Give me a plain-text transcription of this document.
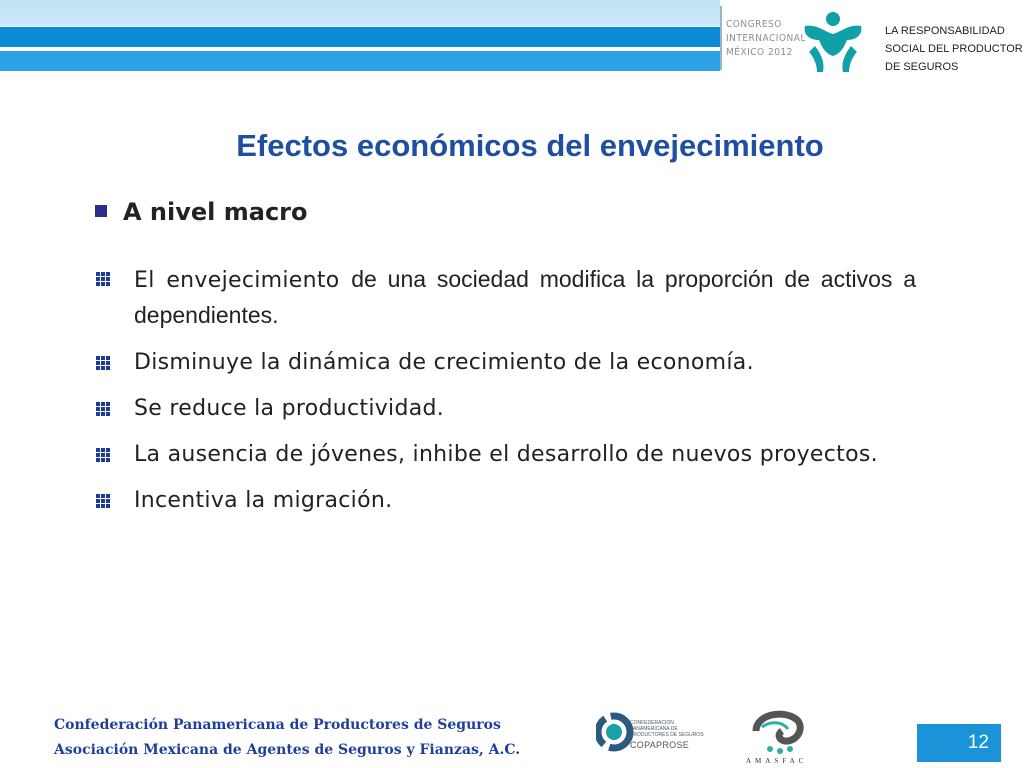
CONGRESO
INTERNACIONAL
MÉXICO 2012
LA RESPONSABILIDAD
SOCIAL DEL PRODUCTOR
DE SEGUROS
Efectos económicos del envejecimiento
A nivel macro
El envejecimiento de una sociedad modifica la proporción de activos a dependientes.
Disminuye la dinámica de crecimiento de la economía.
Se reduce la productividad.
La ausencia de jóvenes, inhibe el desarrollo de nuevos proyectos.
Incentiva la migración.
Confederación Panamericana de Productores de Seguros
Asociación Mexicana de Agentes de Seguros y Fianzas, A.C.
CONFEDERACION PANAMERICANA DE PRODUCTORES DE SEGUROS
COPAPROSE
AMASFAC
12
